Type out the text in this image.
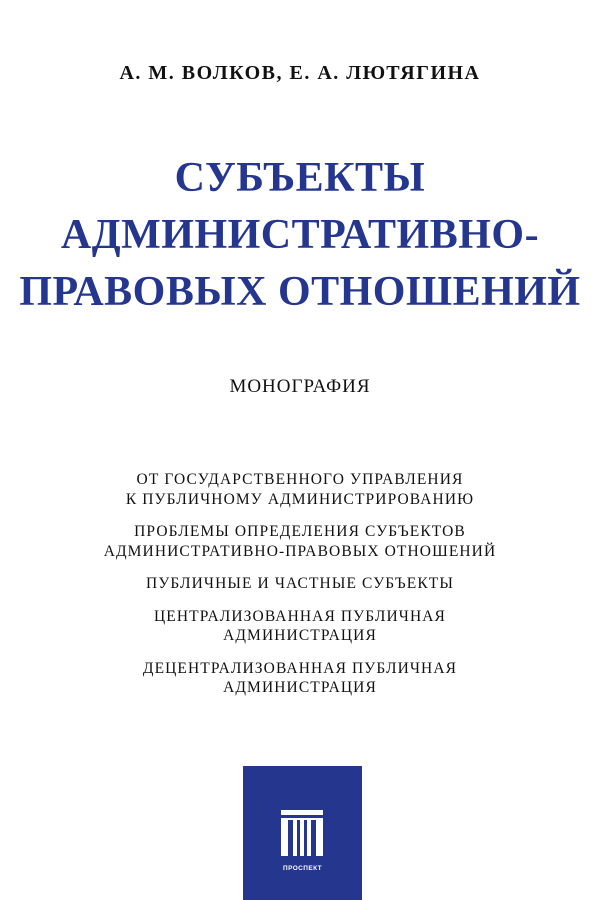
А. М. ВОЛКОВ, Е. А. ЛЮТЯГИНА
СУБЪЕКТЫ
АДМИНИСТРАТИВНО-
ПРАВОВЫХ ОТНОШЕНИЙ
МОНОГРАФИЯ
ОТ ГОСУДАРСТВЕННОГО УПРАВЛЕНИЯ
К ПУБЛИЧНОМУ АДМИНИСТРИРОВАНИЮ
ПРОБЛЕМЫ ОПРЕДЕЛЕНИЯ СУБЪЕКТОВ
АДМИНИСТРАТИВНО-ПРАВОВЫХ ОТНОШЕНИЙ
ПУБЛИЧНЫЕ И ЧАСТНЫЕ СУБЪЕКТЫ
ЦЕНТРАЛИЗОВАННАЯ ПУБЛИЧНАЯ
АДМИНИСТРАЦИЯ
ДЕЦЕНТРАЛИЗОВАННАЯ ПУБЛИЧНАЯ
АДМИНИСТРАЦИЯ
ПРОСПЕКТ
